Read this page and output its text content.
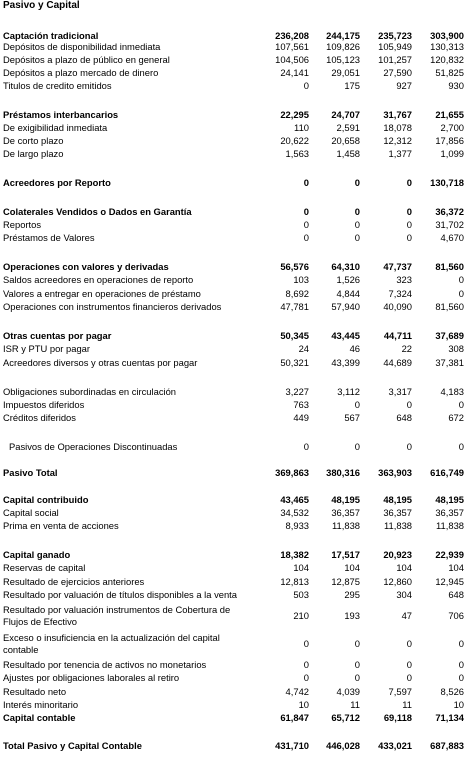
Pasivo y Capital
Captación tradicional	236,208	244,175	235,723	303,900
Depósitos de disponibilidad inmediata	107,561	109,826	105,949	130,313
Depósitos a plazo de público en general	104,506	105,123	101,257	120,832
Depósitos a plazo mercado de dinero	24,141	29,051	27,590	51,825
Titulos de credito emitidos	0	175	927	930
Préstamos interbancarios	22,295	24,707	31,767	21,655
De exigibilidad inmediata	110	2,591	18,078	2,700
De corto plazo	20,622	20,658	12,312	17,856
De largo plazo	1,563	1,458	1,377	1,099
Acreedores por Reporto	0	0	0	130,718
Colaterales Vendidos o Dados en Garantía	0	0	0	36,372
Reportos	0	0	0	31,702
Préstamos de Valores	0	0	0	4,670
Operaciones con valores y derivadas	56,576	64,310	47,737	81,560
Saldos acreedores en operaciones de reporto	103	1,526	323	0
Valores a entregar en operaciones de préstamo	8,692	4,844	7,324	0
Operaciones con instrumentos financieros derivados	47,781	57,940	40,090	81,560
Otras cuentas por pagar	50,345	43,445	44,711	37,689
ISR y PTU por pagar	24	46	22	308
Acreedores diversos y otras cuentas por pagar	50,321	43,399	44,689	37,381
Obligaciones subordinadas en circulación	3,227	3,112	3,317	4,183
Impuestos diferidos	763	0	0	0
Créditos diferidos	449	567	648	672
Pasivos de Operaciones Discontinuadas	0	0	0	0
Pasivo Total	369,863	380,316	363,903	616,749
Capital contribuido	43,465	48,195	48,195	48,195
Capital social	34,532	36,357	36,357	36,357
Prima en venta de acciones	8,933	11,838	11,838	11,838
Capital ganado	18,382	17,517	20,923	22,939
Reservas de capital	104	104	104	104
Resultado de ejercicios anteriores	12,813	12,875	12,860	12,945
Resultado por valuación de títulos disponibles a la venta	503	295	304	648
Resultado por valuación instrumentos de Cobertura de Flujos de Efectivo
210	193	47	706
Exceso o insuficiencia en la actualización del capital contable
0	0	0	0
Resultado por tenencia de activos no monetarios	0	0	0	0
Ajustes por obligaciones laborales al retiro	0	0	0	0
Resultado neto	4,742	4,039	7,597	8,526
Interés minoritario	10	11	11	10
Capital contable	61,847	65,712	69,118	71,134
Total Pasivo y Capital Contable	431,710	446,028	433,021	687,883
